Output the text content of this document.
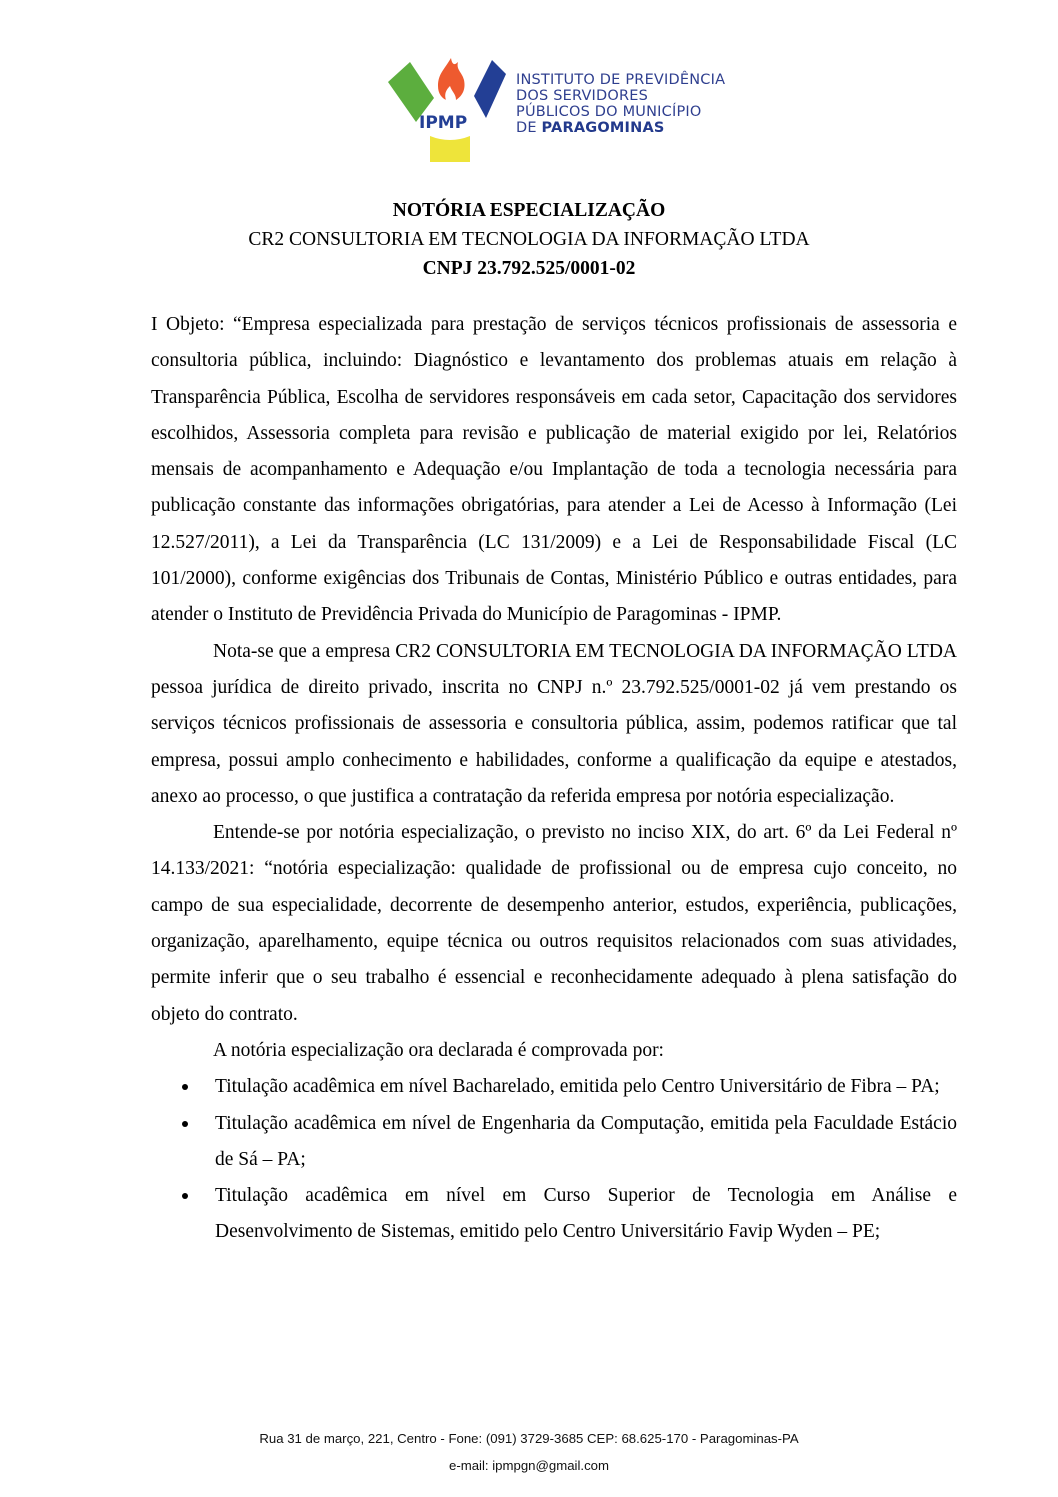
IPMP
INSTITUTO DE PREVIDÊNCIA
DOS SERVIDORES
PÚBLICOS DO MUNICÍPIO
DE PARAGOMINAS
NOTÓRIA ESPECIALIZAÇÃO
CR2 CONSULTORIA EM TECNOLOGIA DA INFORMAÇÃO LTDA
CNPJ 23.792.525/0001-02

I Objeto: “Empresa especializada para prestação de serviços técnicos profissionais de assessoria e consultoria pública, incluindo: Diagnóstico e levantamento dos problemas atuais em relação à Transparência Pública, Escolha de servidores responsáveis em cada setor, Capacitação dos servidores escolhidos, Assessoria completa para revisão e publicação de material exigido por lei, Relatórios mensais de acompanhamento e Adequação e/ou Implantação de toda a tecnologia necessária para publicação constante das informações obrigatórias, para atender a Lei de Acesso à Informação (Lei 12.527/2011), a Lei da Transparência (LC 131/2009) e a Lei de Responsabilidade Fiscal (LC 101/2000), conforme exigências dos Tribunais de Contas, Ministério Público e outras entidades, para atender o Instituto de Previdência Privada do Município de Paragominas - IPMP.

Nota-se que a empresa CR2 CONSULTORIA EM TECNOLOGIA DA INFORMAÇÃO LTDA pessoa jurídica de direito privado, inscrita no CNPJ n.º 23.792.525/0001-02 já vem prestando os serviços técnicos profissionais de assessoria e consultoria pública, assim, podemos ratificar que tal empresa, possui amplo conhecimento e habilidades, conforme a qualificação da equipe e atestados, anexo ao processo, o que justifica a contratação da referida empresa por notória especialização.

Entende-se por notória especialização, o previsto no inciso XIX, do art. 6º da Lei Federal nº 14.133/2021: “notória especialização: qualidade de profissional ou de empresa cujo conceito, no campo de sua especialidade, decorrente de desempenho anterior, estudos, experiência, publicações, organização, aparelhamento, equipe técnica ou outros requisitos relacionados com suas atividades, permite inferir que o seu trabalho é essencial e reconhecidamente adequado à plena satisfação do objeto do contrato.

A notória especialização ora declarada é comprovada por:

Titulação acadêmica em nível Bacharelado, emitida pelo Centro Universitário de Fibra – PA;
Titulação acadêmica em nível de Engenharia da Computação, emitida pela Faculdade Estácio de Sá – PA;
Titulação acadêmica em nível em Curso Superior de Tecnologia em Análise e Desenvolvimento de Sistemas, emitido pelo Centro Universitário Favip Wyden – PE;
Rua 31 de março, 221, Centro - Fone: (091) 3729-3685 CEP: 68.625-170 - Paragominas-PA
e-mail: ipmpgn@gmail.com
